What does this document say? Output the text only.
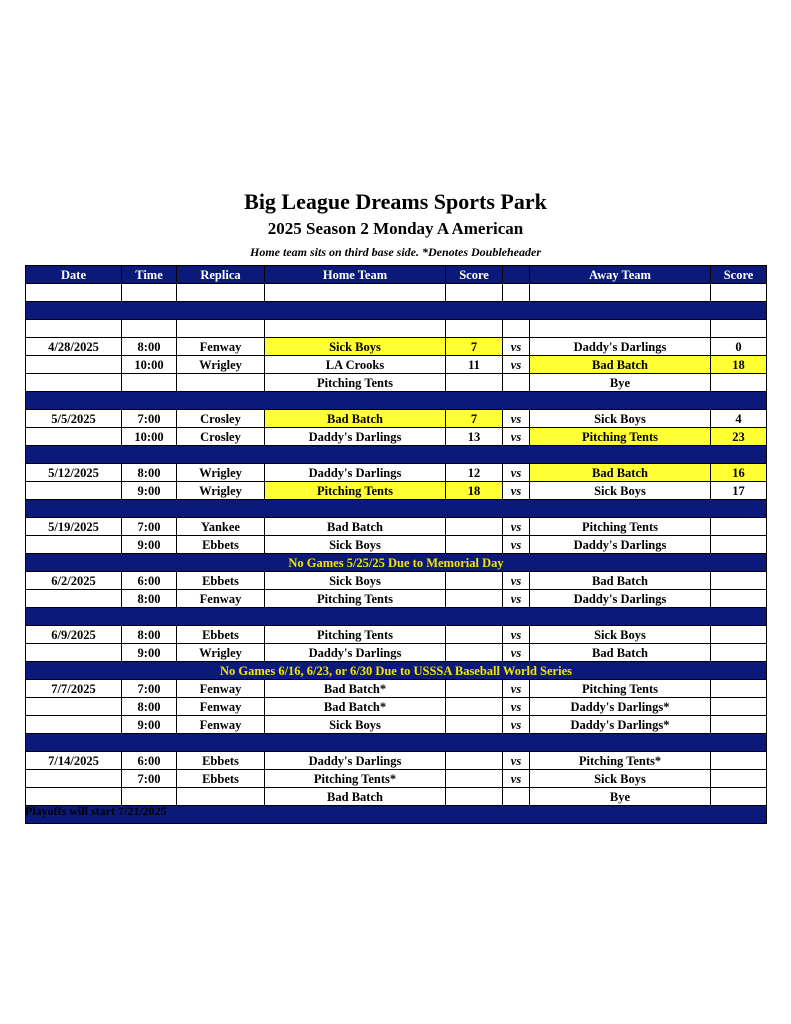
Big League Dreams Sports Park
2025 Season 2 Monday A American
Home team sits on third base side. *Denotes Doubleheader
Date	Time	Replica	Home Team	Score		Away Team	Score

4/28/2025	8:00	Fenway	Sick Boys	7	vs	Daddy's Darlings	0
	10:00	Wrigley	LA Crooks	11	vs	Bad Batch	18
			Pitching Tents			Bye	

5/5/2025	7:00	Crosley	Bad Batch	7	vs	Sick Boys	4
	10:00	Crosley	Daddy's Darlings	13	vs	Pitching Tents	23

5/12/2025	8:00	Wrigley	Daddy's Darlings	12	vs	Bad Batch	16
	9:00	Wrigley	Pitching Tents	18	vs	Sick Boys	17

5/19/2025	7:00	Yankee	Bad Batch		vs	Pitching Tents	
	9:00	Ebbets	Sick Boys		vs	Daddy's Darlings	
No Games 5/25/25 Due to Memorial Day							
6/2/2025	6:00	Ebbets	Sick Boys		vs	Bad Batch	
	8:00	Fenway	Pitching Tents		vs	Daddy's Darlings	

6/9/2025	8:00	Ebbets	Pitching Tents		vs	Sick Boys	
	9:00	Wrigley	Daddy's Darlings		vs	Bad Batch	
No Games 6/16, 6/23, or 6/30 Due to USSSA Baseball World Series							
7/7/2025	7:00	Fenway	Bad Batch*		vs	Pitching Tents	
	8:00	Fenway	Bad Batch*		vs	Daddy's Darlings*	
	9:00	Fenway	Sick Boys		vs	Daddy's Darlings*	

7/14/2025	6:00	Ebbets	Daddy's Darlings		vs	Pitching Tents*	
	7:00	Ebbets	Pitching Tents*		vs	Sick Boys	
			Bad Batch			Bye	

Playoffs will start 7/21/2025
